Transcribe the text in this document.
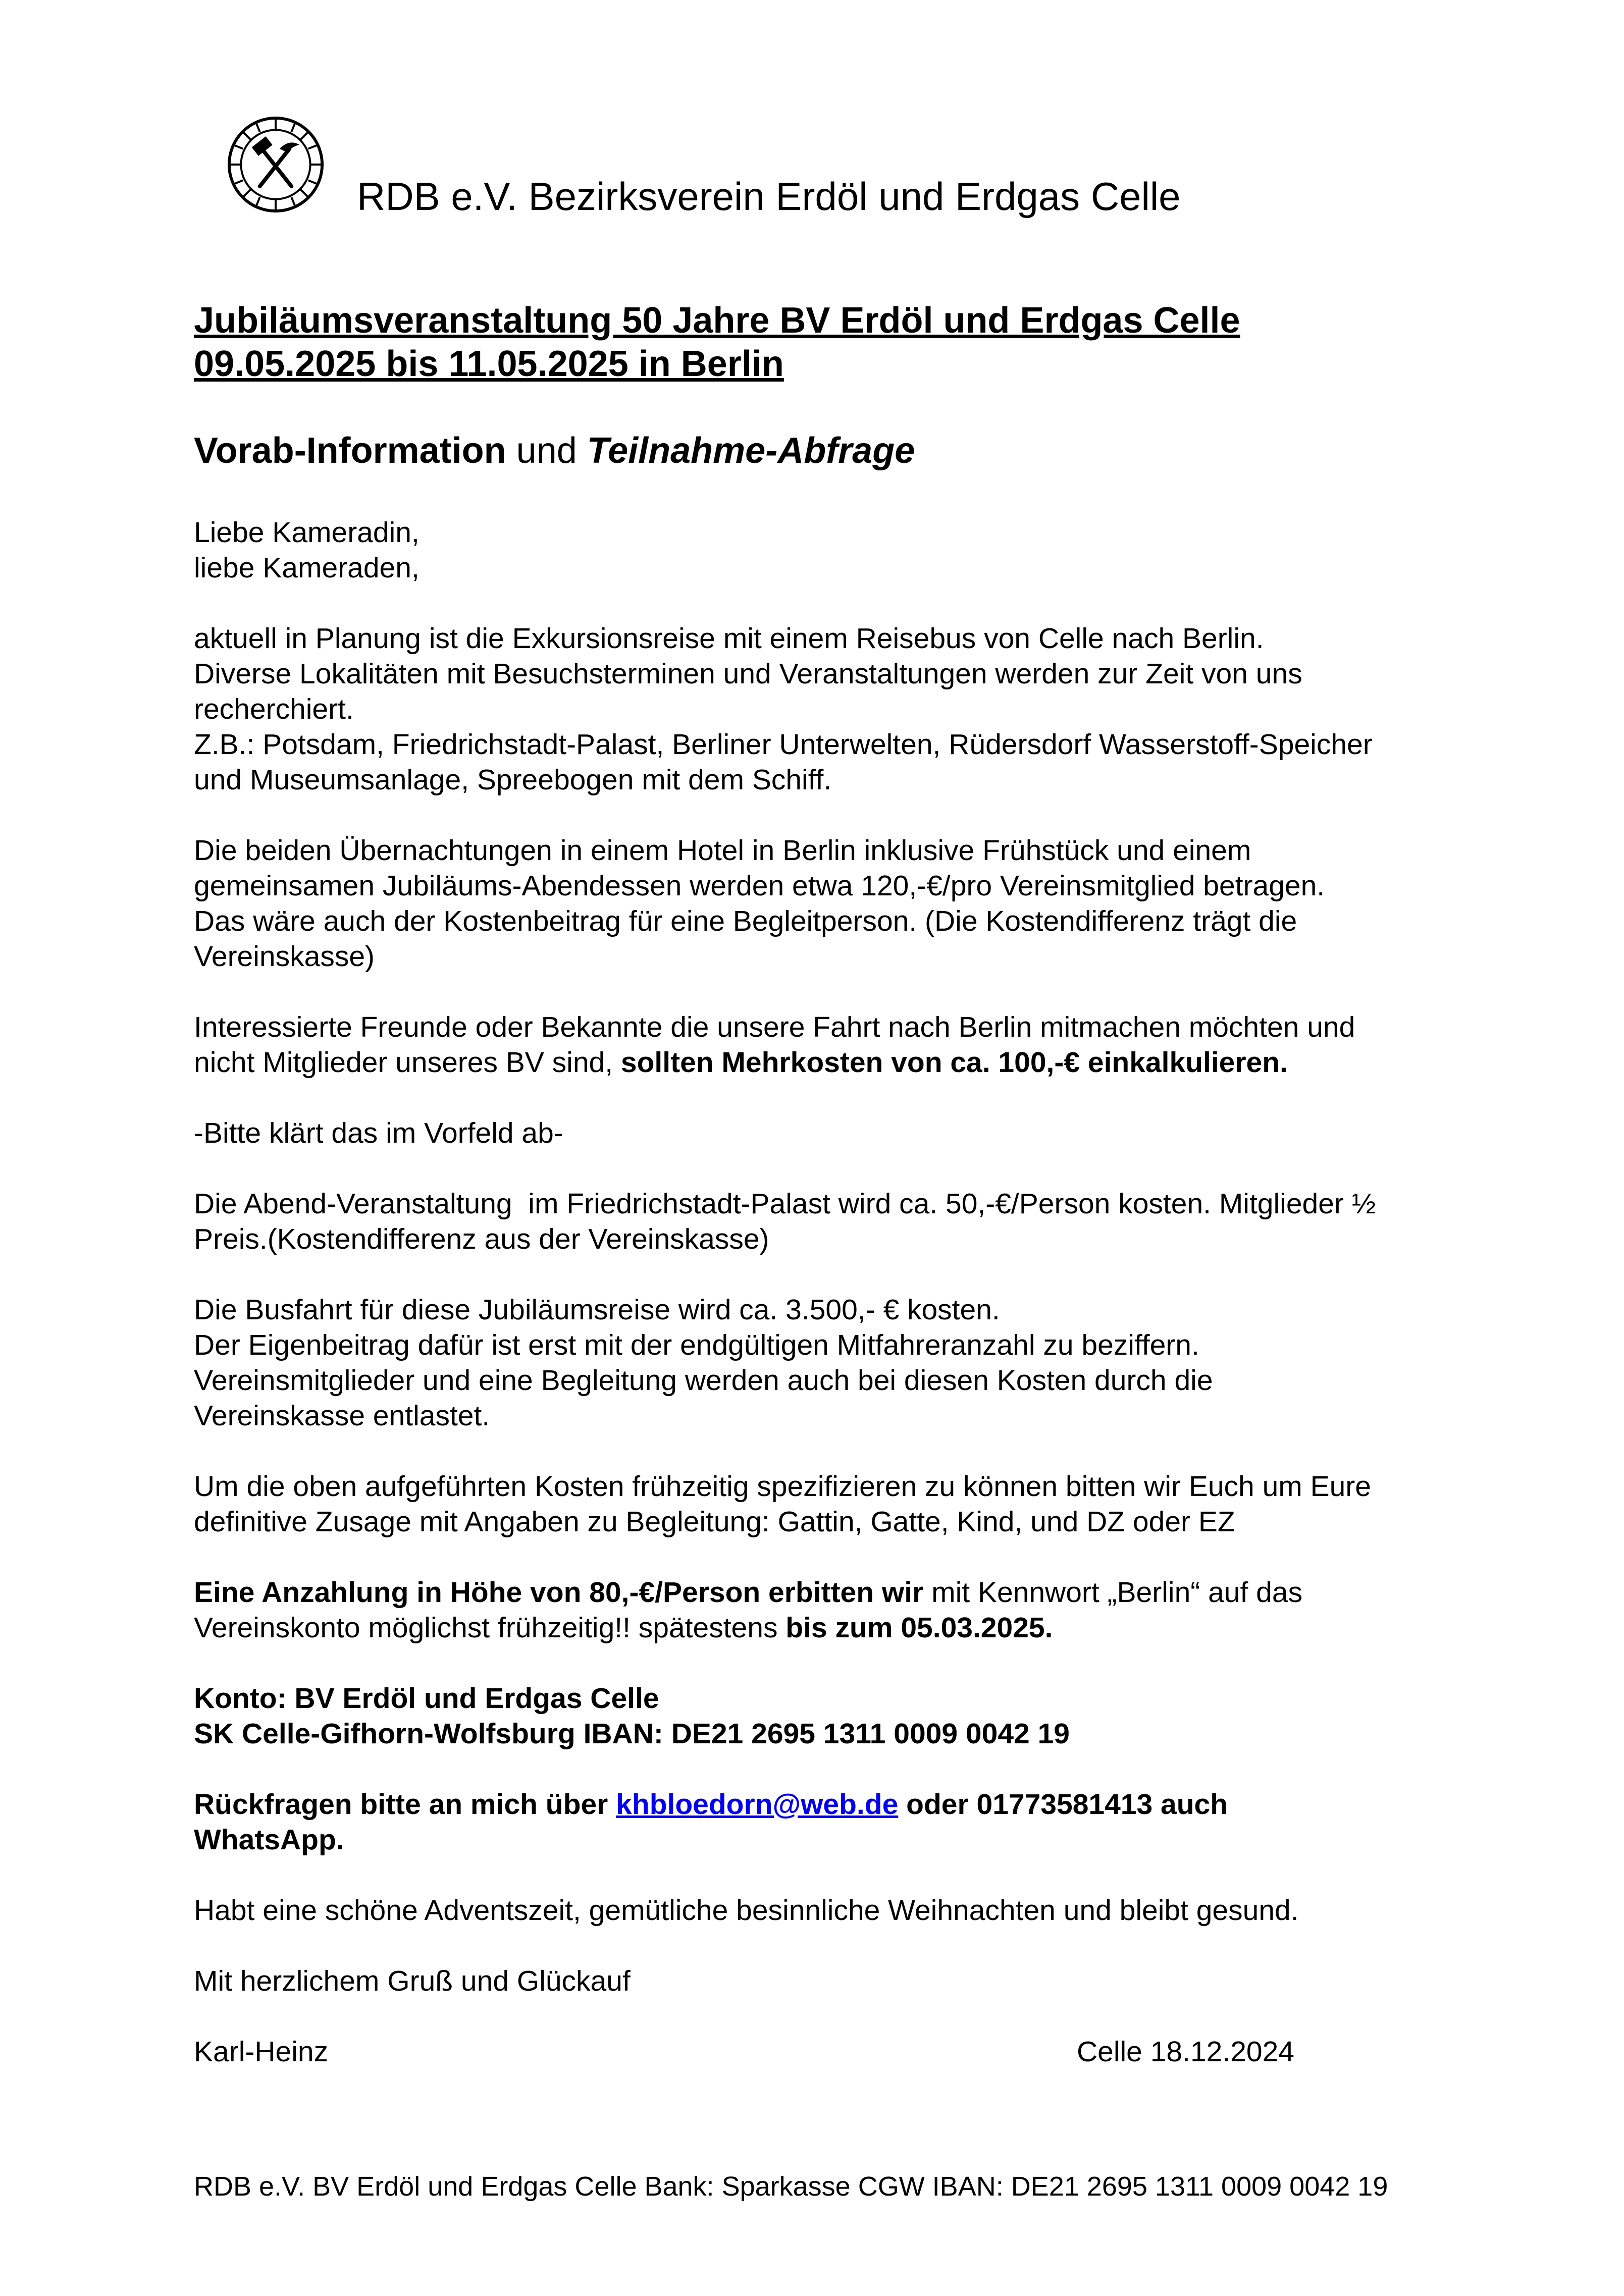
RDB e.V. Bezirksverein Erdöl und Erdgas Celle
Jubiläumsveranstaltung 50 Jahre BV Erdöl und Erdgas Celle
09.05.2025 bis 11.05.2025 in Berlin
Vorab-Information und Teilnahme-Abfrage

Liebe Kameradin,
liebe Kameraden,

aktuell in Planung ist die Exkursionsreise mit einem Reisebus von Celle nach Berlin.
Diverse Lokalitäten mit Besuchsterminen und Veranstaltungen werden zur Zeit von uns
recherchiert.
Z.B.: Potsdam, Friedrichstadt-Palast, Berliner Unterwelten, Rüdersdorf Wasserstoff-Speicher
und Museumsanlage, Spreebogen mit dem Schiff.

Die beiden Übernachtungen in einem Hotel in Berlin inklusive Frühstück und einem
gemeinsamen Jubiläums-Abendessen werden etwa 120,-€/pro Vereinsmitglied betragen.
Das wäre auch der Kostenbeitrag für eine Begleitperson. (Die Kostendifferenz trägt die
Vereinskasse)

Interessierte Freunde oder Bekannte die unsere Fahrt nach Berlin mitmachen möchten und
nicht Mitglieder unseres BV sind, sollten Mehrkosten von ca. 100,-€ einkalkulieren.

-Bitte klärt das im Vorfeld ab-

Die Abend-Veranstaltung  im Friedrichstadt-Palast wird ca. 50,-€/Person kosten. Mitglieder ½
Preis.(Kostendifferenz aus der Vereinskasse)

Die Busfahrt für diese Jubiläumsreise wird ca. 3.500,- € kosten.
Der Eigenbeitrag dafür ist erst mit der endgültigen Mitfahreranzahl zu beziffern.
Vereinsmitglieder und eine Begleitung werden auch bei diesen Kosten durch die
Vereinskasse entlastet.

Um die oben aufgeführten Kosten frühzeitig spezifizieren zu können bitten wir Euch um Eure
definitive Zusage mit Angaben zu Begleitung: Gattin, Gatte, Kind, und DZ oder EZ

Eine Anzahlung in Höhe von 80,-€/Person erbitten wir mit Kennwort „Berlin“ auf das
Vereinskonto möglichst frühzeitig!! spätestens bis zum 05.03.2025.

Konto: BV Erdöl und Erdgas Celle
SK Celle-Gifhorn-Wolfsburg IBAN: DE21 2695 1311 0009 0042 19

Rückfragen bitte an mich über khbloedorn@web.de oder 01773581413 auch
WhatsApp.

Habt eine schöne Adventszeit, gemütliche besinnliche Weihnachten und bleibt gesund.

Mit herzlichem Gruß und Glückauf

Karl-Heinz	Celle 18.12.2024
RDB e.V. BV Erdöl und Erdgas Celle Bank: Sparkasse CGW IBAN: DE21 2695 1311 0009 0042 19
